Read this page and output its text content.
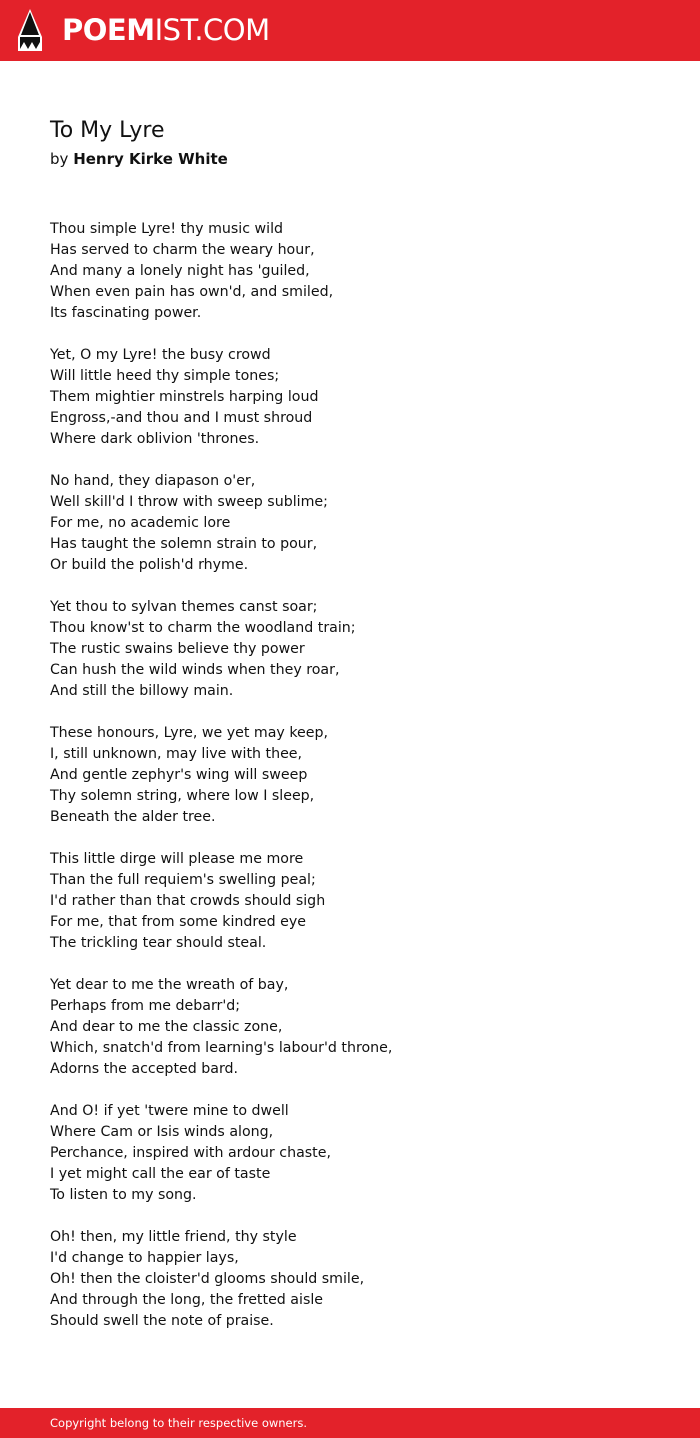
POEMIST.COM
To My Lyre
by Henry Kirke White
Thou simple Lyre! thy music wild
Has served to charm the weary hour,
And many a lonely night has 'guiled,
When even pain has own'd, and smiled,
Its fascinating power.
Yet, O my Lyre! the busy crowd
Will little heed thy simple tones;
Them mightier minstrels harping loud
Engross,-and thou and I must shroud
Where dark oblivion 'thrones.
No hand, they diapason o'er,
Well skill'd I throw with sweep sublime;
For me, no academic lore
Has taught the solemn strain to pour,
Or build the polish'd rhyme.
Yet thou to sylvan themes canst soar;
Thou know'st to charm the woodland train;
The rustic swains believe thy power
Can hush the wild winds when they roar,
And still the billowy main.
These honours, Lyre, we yet may keep,
I, still unknown, may live with thee,
And gentle zephyr's wing will sweep
Thy solemn string, where low I sleep,
Beneath the alder tree.
This little dirge will please me more
Than the full requiem's swelling peal;
I'd rather than that crowds should sigh
For me, that from some kindred eye
The trickling tear should steal.
Yet dear to me the wreath of bay,
Perhaps from me debarr'd;
And dear to me the classic zone,
Which, snatch'd from learning's labour'd throne,
Adorns the accepted bard.
And O! if yet 'twere mine to dwell
Where Cam or Isis winds along,
Perchance, inspired with ardour chaste,
I yet might call the ear of taste
To listen to my song.
Oh! then, my little friend, thy style
I'd change to happier lays,
Oh! then the cloister'd glooms should smile,
And through the long, the fretted aisle
Should swell the note of praise.
Copyright belong to their respective owners.
